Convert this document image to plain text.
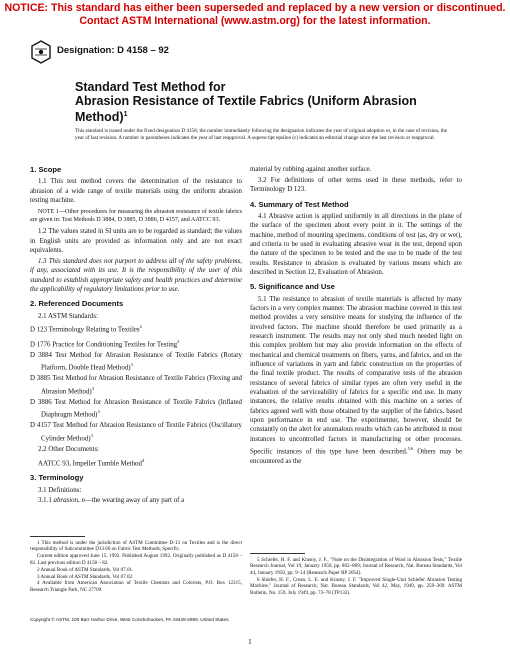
NOTICE: This standard has either been superseded and replaced by a new version or discontinued.
Contact ASTM International (www.astm.org) for the latest information.
Designation: D 4158 – 92
Standard Test Method for
Abrasion Resistance of Textile Fabrics (Uniform Abrasion
Method)$^1$
This standard is issued under the fixed designation D 4158; the number immediately following the designation indicates the year of original adoption or, in the case of revision, the year of last revision. A number in parentheses indicates the year of last reapproval. A superscript epsilon (ε) indicates an editorial change since the last revision or reapproval.
1. Scope

1.1 This test method covers the determination of the resistance to abrasion of a wide range of textile materials using the uniform abrasion testing machine.

NOTE 1—Other procedures for measuring the abrasion resistance of textile fabrics are given in: Test Methods D 3884, D 3885, D 3886, D 4157, and AATCC 93.

1.2 The values stated in SI units are to be regarded as standard; the values in English units are provided as information only and are not exact equivalents.

1.3 This standard does not purport to address all of the safety problems, if any, associated with its use. It is the responsibility of the user of this standard to establish appropriate safety and health practices and determine the applicability of regulatory limitations prior to use.

2. Referenced Documents

2.1 ASTM Standards:

D 123 Terminology Relating to Textiles$^2$

D 1776 Practice for Conditioning Textiles for Testing$^2$

D 3884 Test Method for Abrasion Resistance of Textile Fabrics (Rotary Platform, Double Head Method)$^3$

D 3885 Test Method for Abrasion Resistance of Textile Fabrics (Flexing and Abrasion Method)$^3$

D 3886 Test Method for Abrasion Resistance of Textile Fabrics (Inflated Diaphragm Method)$^3$

D 4157 Test Method for Abrasion Resistance of Textile Fabrics (Oscillatory Cylinder Method)$^3$

2.2 Other Documents:

AATCC 93, Impeller Tumble Method$^4$

3. Terminology

3.1 Definitions:

3.1.1 abrasion, n—the wearing away of any part of a

material by rubbing against another surface.

3.2 For definitions of other terms used in these methods, refer to Terminology D 123.

4. Summary of Test Method

4.1 Abrasive action is applied uniformly in all directions in the plane of the surface of the specimen about every point in it. The settings of the machine, method of mounting specimens, conditions of test (as, dry or wet), and criteria to be used in evaluating abrasive wear in the test, depend upon the nature of the specimen to be tested and the use to be made of the test results. Resistance to abrasion is evaluated by various means which are described in Section 12, Evaluation of Abrasion.

5. Significance and Use

5.1 The resistance to abrasion of textile materials is affected by many factors in a very complex manner. The abrasion machine covered in this test method provides a very sensitive means for studying the influence of the involved factors. The machine should therefore be used primarily as a research instrument. The results may not only shed much needed light on this complex problem but may also provide information on the effects of mechanical and chemical treatments on fibers, yarns, and fabrics, and on the influence of variations in yarn and fabric construction on the properties of the final textile product. The results of comparative tests of the abrasion resistance of several fabrics of similar types are often very useful in the evaluation of the serviceability of fabrics for a specific end use. In many instances, the relative results obtained with this machine on a series of fabrics agreed well with those obtained by the supplier of the fabrics, based upon performance in end use. The experimenter, however, should be constantly on the alert for anomalous results which can be attributed in most instances to uncontrolled factors in manufacturing or other processes. Specific instances of this type have been described.$^{5,6}$ Others may be encountered as the

1 This method is under the jurisdiction of ASTM Committee D-13 on Textiles and is the direct responsibility of Subcommittee D13.60 on Fabric Test Methods, Specific.

Current edition approved June 15, 1992. Published August 1992. Originally published as D 4158 – 82. Last previous edition D 4158 – 82.

2 Annual Book of ASTM Standards, Vol 07.01.

3 Annual Book of ASTM Standards, Vol 07.02.

4 Available from American Association of Textile Chemists and Colorists, P.O. Box 12215, Research Triangle Park, NC 27709.

5 Schiefer, H. F. and Krasny, J. F., "Note on the Disintegration of Wool in Abrasion Tests," Textile Research Journal, Vol 19, January 1950, pp. 802–809; Journal of Research, Nat. Bureau Standards, Vol 44, January 1950, pp. 9–14 (Research Paper RP 2054).

6 Shiefer, H. F., Crean, L. E. and Krasny, J. F. "Improved Single-Unit Schiefer Abrasion Testing Machine," Journal of Research, Nat. Bureau Standards, Vol 42, May, 1949, pp. 259–269. ASTM Bulletin, No. 159, July 1949, pp. 73–78 (TP133).

Copyright © ASTM, 100 Barr Harbor Drive, West Conshohocken, PA 19428-2959, United States.
1
